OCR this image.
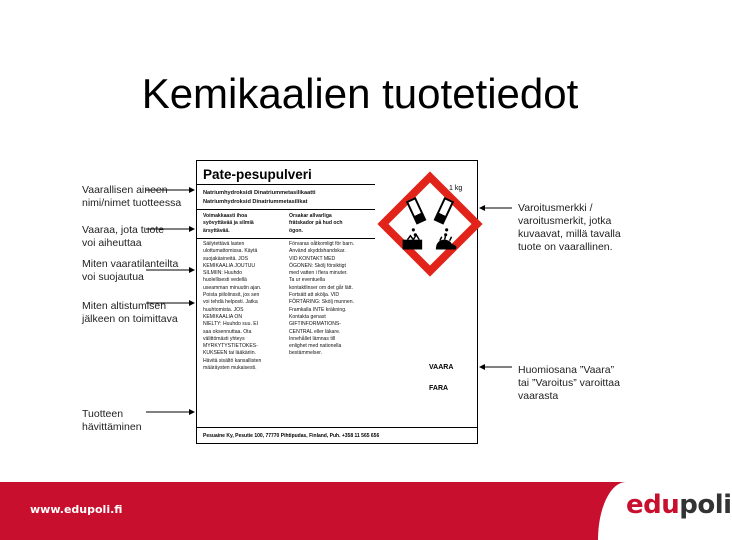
Kemikaalien tuotetiedot
Vaarallisen aineen
nimi/nimet tuotteessa
Vaaraa, jota tuote
voi aiheuttaa
Miten vaaratilanteilta
voi suojautua
Miten altistumisen
jälkeen on toimittava
Tuotteen
hävittäminen
Varoitusmerkki /
varoitusmerkit, jotka
kuvaavat, millä tavalla
tuote on vaarallinen.
Huomiosana ”Vaara”
tai ”Varoitus” varoittaa
vaarasta
Pate-pesupulveri
Natriumhydroksidi Dinatriummetasilikaatti
Natriumhydroksid Dinatriummetasilikat
1 kg
Voimakkaasti ihoa
syövyttävää ja silmiä
ärsyttävää.
Orsakar allvarliga
frätskador på hud och
ögon.
Säilytettävä lasten
ulottumattomissa. Käytä
suojakäsineitä. JOS
KEMIKAALIA JOUTUU
SILMIIN: Huuhdo
huolellisesti vedellä
useamman minuutin ajan.
Poista piilolinssit, jos sen
voi tehdä helposti. Jatka
huuhtomista. JOS
KEMIKAALIA ON
NIELTY: Huuhdo suu. EI
saa oksennuttaa. Ota
välittömästi yhteys
MYRKYTYSTIETOKES-
KUKSEEN tai lääkäriin.
Hävitä sisältö kansallisten
määräysten mukaisesti.
Förvaras oåtkomligt för barn.
Använd skyddshandskar.
VID KONTAKT MED
ÖGONEN: Skölj försiktigt
med vatten i flera minuter.
Ta ur eventuella
kontaktlinser om det går lätt.
Fortsätt att skölja. VID
FÖRTÄRING: Skölj munnen.
Framkalla INTE kräkning.
Kontakta genast
GIFTINFORMATIONS-
CENTRAL eller läkare.
Innehållet lämnas till
enlighet med nationella
bestämmelser.
VAARA
FARA
Pesuaine Ky, Pesutie 100, 77770 Pihtipudas, Finland, Puh. +358 11 565 656
www.edupoli.fi	edupoli
